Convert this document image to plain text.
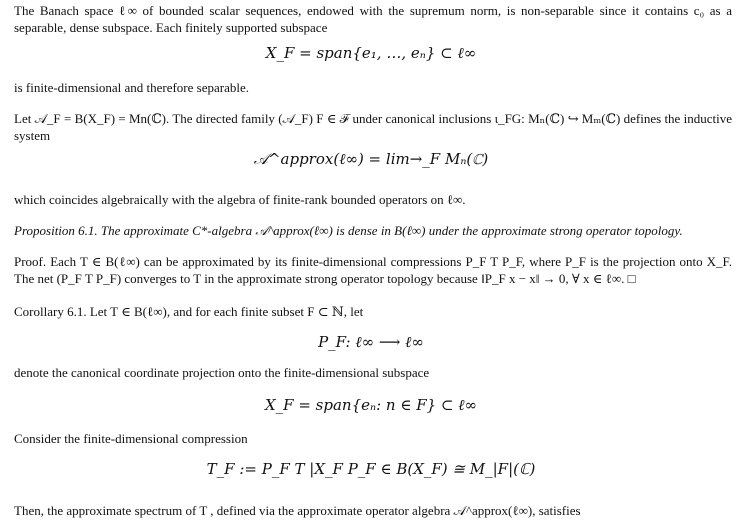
The Banach space ℓ∞ of bounded scalar sequences, endowed with the supremum norm, is non-separable since it contains c₀ as a separable, dense subspace. Each finitely supported subspace

X_F = span{e₁, …, eₙ} ⊂ ℓ∞

is finite-dimensional and therefore separable.

Let 𝒜_F = B(X_F) = Mn(ℂ). The directed family (𝒜_F) F ∈ ℱ under canonical inclusions ι_FG: Mₙ(ℂ) ↪ Mₘ(ℂ) defines the inductive system

𝒜^approx(ℓ∞) = lim→_F Mₙ(ℂ)

which coincides algebraically with the algebra of finite-rank bounded operators on ℓ∞.

Proposition 6.1. The approximate C*-algebra 𝒜^approx(ℓ∞) is dense in B(ℓ∞) under the approximate strong operator topology.

Proof. Each T ∈ B(ℓ∞) can be approximated by its finite-dimensional compressions P_F T P_F, where P_F is the projection onto X_F. The net (P_F T P_F) converges to T in the approximate strong operator topology because ‖P_F x − x‖ → 0, ∀ x ∈ ℓ∞. □

Corollary 6.1. Let T ∈ B(ℓ∞), and for each finite subset F ⊂ ℕ, let

P_F: ℓ∞ ⟶ ℓ∞

denote the canonical coordinate projection onto the finite-dimensional subspace

X_F = span{eₙ: n ∈ F} ⊂ ℓ∞

Consider the finite-dimensional compression

T_F := P_F T |X_F P_F ∈ B(X_F) ≅ M_|F|(ℂ)

Then, the approximate spectrum of T , defined via the approximate operator algebra 𝒜^approx(ℓ∞), satisfies
